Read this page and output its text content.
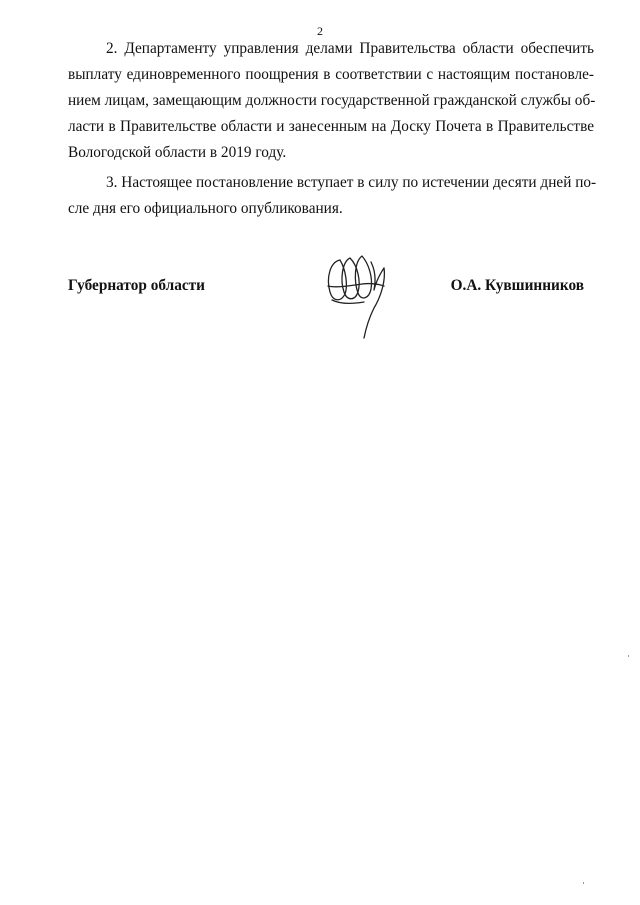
2
2. Департаменту управления делами Правительства области обеспечить
выплату единовременного поощрения в соответствии с настоящим постановле-
нием лицам, замещающим должности государственной гражданской службы об-
ласти в Правительстве области и занесенным на Доску Почета в Правительстве
Вологодской области в 2019 году.
3. Настоящее постановление вступает в силу по истечении десяти дней по-
сле дня его официального опубликования.
Губернатор области	О.А. Кувшинников
